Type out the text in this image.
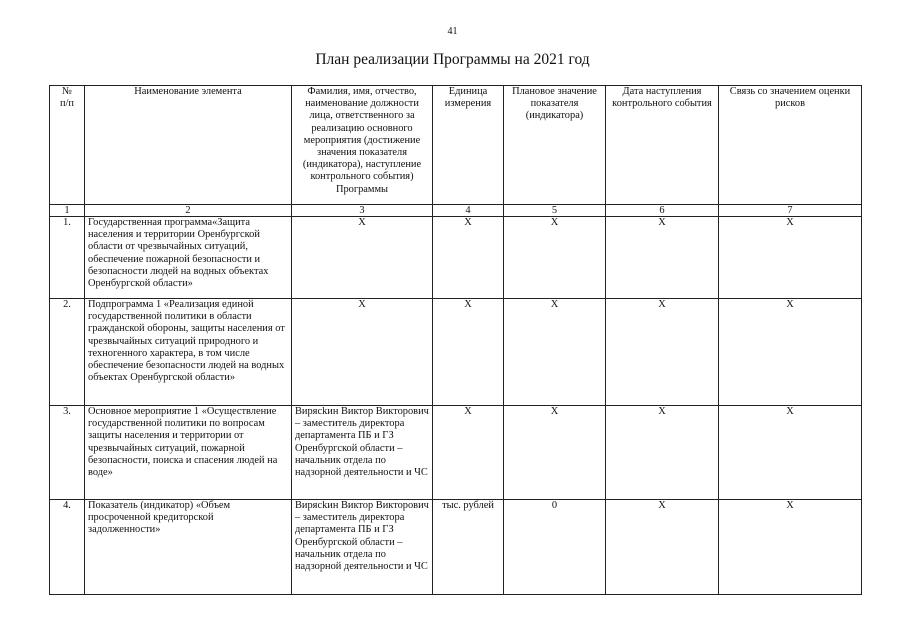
41
План реализации Программы на 2021 год
№
п/п	Наименование элемента	Фамилия, имя, отчество, наименование должности лица, ответственного за реализацию основного мероприятия (достижение значения показателя (индикатора), наступление контрольного события) Программы	Единица измерения	Плановое значение показателя (индикатора)	Дата наступления контрольного события	Связь со значением оценки рисков
1	2	3	4	5	6	7
1.	Государственная программа«Защита населения и территории Оренбургской области от чрезвычайных ситуаций, обеспечение пожарной безопасности и безопасности людей на водных объектах Оренбургской области»	Х	Х	Х	Х	Х
2.	Подпрограмма 1 «Реализация единой государственной политики в области гражданской обороны, защиты населения от чрезвычайных ситуаций природного и техногенного характера, в том числе обеспечение безопасности людей на водных объектах Оренбургской области»	Х	Х	Х	Х	Х
3.	Основное мероприятие 1 «Осуществление государственной политики по вопросам защиты населения и территории от чрезвычайных ситуаций, пожарной безопасности, поиска и спасения людей на воде»	Вирясkин Виктор Викторович – заместитель директора департамента ПБ и ГЗ Оренбургской области – начальник отдела по надзорной деятельности и ЧС	Х	Х	Х	Х
4.	Показатель (индикатор) «Объем просроченной кредиторской задолженности»	Вирясkин Виктор Викторович – заместитель директора департамента ПБ и ГЗ Оренбургской области – начальник отдела по надзорной деятельности и ЧС	тыс. рублей	0	Х	Х
